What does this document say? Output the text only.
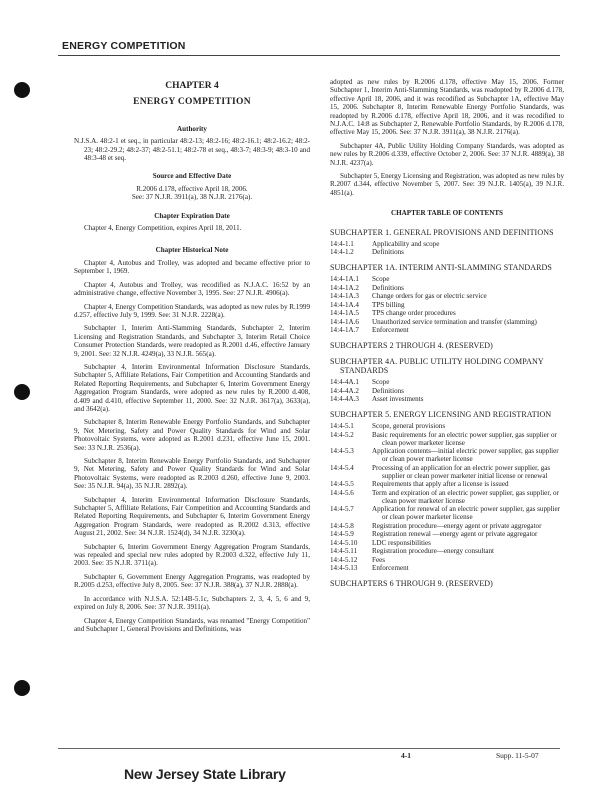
ENERGY COMPETITION
CHAPTER 4
ENERGY COMPETITION
Authority
N.J.S.A. 48:2-1 et seq., in particular 48:2-13; 48:2-16; 48:2-16.1; 48:2-16.2; 48:2-23; 48:2-29.2; 48:2-37; 48:2-51.1; 48:2-78 et seq., 48:3-7; 48:3-9; 48:3-10 and 48:3-48 et seq.
Source and Effective Date
R.2006 d.178, effective April 18, 2006.
See: 37 N.J.R. 3911(a), 38 N.J.R. 2176(a).
Chapter Expiration Date
Chapter 4, Energy Competition, expires April 18, 2011.
Chapter Historical Note
Chapter 4, Autobus and Trolley, was adopted and became effective prior to September 1, 1969.
Chapter 4, Autobus and Trolley, was recodified as N.J.A.C. 16:52 by an administrative change, effective November 3, 1995. See: 27 N.J.R. 4906(a).
Chapter 4, Energy Competition Standards, was adopted as new rules by R.1999 d.257, effective July 9, 1999. See: 31 N.J.R. 2228(a).
Subchapter 1, Interim Anti-Slamming Standards, Subchapter 2, Interim Licensing and Registration Standards, and Subchapter 3, Interim Retail Choice Consumer Protection Standards, were readopted as R.2001 d.46, effective January 9, 2001. See: 32 N.J.R. 4249(a), 33 N.J.R. 565(a).
Subchapter 4, Interim Environmental Information Disclosure Standards, Subchapter 5, Affiliate Relations, Fair Competition and Accounting Standards and Related Reporting Requirements, and Subchapter 6, Interim Government Energy Aggregation Program Standards, were adopted as new rules by R.2000 d.408, d.409 and d.410, effective September 11, 2000. See: 32 N.J.R. 3617(a), 3633(a), and 3642(a).
Subchapter 8, Interim Renewable Energy Portfolio Standards, and Subchapter 9, Net Metering, Safety and Power Quality Standards for Wind and Solar Photovoltaic Systems, were adopted as R.2001 d.231, effective June 15, 2001. See: 33 N.J.R. 2536(a).
Subchapter 8, Interim Renewable Energy Portfolio Standards, and Subchapter 9, Net Metering, Safety and Power Quality Standards for Wind and Solar Photovoltaic Systems, were readopted as R.2003 d.260, effective June 9, 2003. See: 35 N.J.R. 94(a), 35 N.J.R. 2892(a).
Subchapter 4, Interim Environmental Information Disclosure Standards, Subchapter 5, Affiliate Relations, Fair Competition and Accounting Standards and Related Reporting Requirements, and Subchapter 6, Interim Government Energy Aggregation Program Standards, were readopted as R.2002 d.313, effective August 21, 2002. See: 34 N.J.R. 1524(d), 34 N.J.R. 3230(a).
Subchapter 6, Interim Government Energy Aggregation Program Standards, was repealed and special new rules adopted by R.2003 d.322, effective July 11, 2003. See: 35 N.J.R. 3711(a).
Subchapter 6, Government Energy Aggregation Programs, was readopted by R.2005 d.253, effective July 8, 2005. See: 37 N.J.R. 388(a), 37 N.J.R. 2888(a).
In accordance with N.J.S.A. 52:14B-5.1c, Subchapters 2, 3, 4, 5, 6 and 9, expired on July 8, 2006. See: 37 N.J.R. 3911(a).
Chapter 4, Energy Competition Standards, was renamed "Energy Competition" and Subchapter 1, General Provisions and Definitions, was
adopted as new rules by R.2006 d.178, effective May 15, 2006. Former Subchapter 1, Interim Anti-Slamming Standards, was readopted by R.2006 d.178, effective April 18, 2006, and it was recodified as Subchapter 1A, effective May 15, 2006. Subchapter 8, Interim Renewable Energy Portfolio Standards, was readopted by R.2006 d.178, effective April 18, 2006, and it was recodified to N.J.A.C. 14:8 as Subchapter 2, Renewable Portfolio Standards, by R.2006 d.178, effective May 15, 2006. See: 37 N.J.R. 3911(a), 38 N.J.R. 2176(a).
Subchapter 4A, Public Utility Holding Company Standards, was adopted as new rules by R.2006 d.339, effective October 2, 2006. See: 37 N.J.R. 4889(a), 38 N.J.R. 4237(a).
Subchapter 5, Energy Licensing and Registration, was adopted as new rules by R.2007 d.344, effective November 5, 2007. See: 39 N.J.R. 1405(a), 39 N.J.R. 4851(a).
CHAPTER TABLE OF CONTENTS
SUBCHAPTER 1. GENERAL PROVISIONS AND DEFINITIONS
14:4-1.1	Applicability and scope
14:4-1.2	Definitions
SUBCHAPTER 1A. INTERIM ANTI-SLAMMING STANDARDS
14:4-1A.1	Scope
14:4-1A.2	Definitions
14:4-1A.3	Change orders for gas or electric service
14:4-1A.4	TPS billing
14:4-1A.5	TPS change order procedures
14:4-1A.6	Unauthorized service termination and transfer (slamming)
14:4-1A.7	Enforcement
SUBCHAPTERS 2 THROUGH 4. (RESERVED)
SUBCHAPTER 4A. PUBLIC UTILITY HOLDING COMPANY STANDARDS
14:4-4A.1	Scope
14:4-4A.2	Definitions
14:4-4A.3	Asset investments
SUBCHAPTER 5. ENERGY LICENSING AND REGISTRATION
14:4-5.1	Scope, general provisions
14:4-5.2	Basic requirements for an electric power supplier, gas supplier or clean power marketer license
14:4-5.3	Application contents—initial electric power supplier, gas supplier or clean power marketer license
14:4-5.4	Processing of an application for an electric power supplier, gas supplier or clean power marketer initial license or renewal
14:4-5.5	Requirements that apply after a license is issued
14:4-5.6	Term and expiration of an electric power supplier, gas supplier, or clean power marketer license
14:4-5.7	Application for renewal of an electric power supplier, gas supplier or clean power marketer license
14:4-5.8	Registration procedure—energy agent or private aggregator
14:4-5.9	Registration renewal —energy agent or private aggregator
14:4-5.10	LDC responsibilities
14:4-5.11	Registration procedure—energy consultant
14:4-5.12	Fees
14:4-5.13	Enforcement
SUBCHAPTERS 6 THROUGH 9. (RESERVED)
4-1	Supp. 11-5-07
New Jersey State Library
